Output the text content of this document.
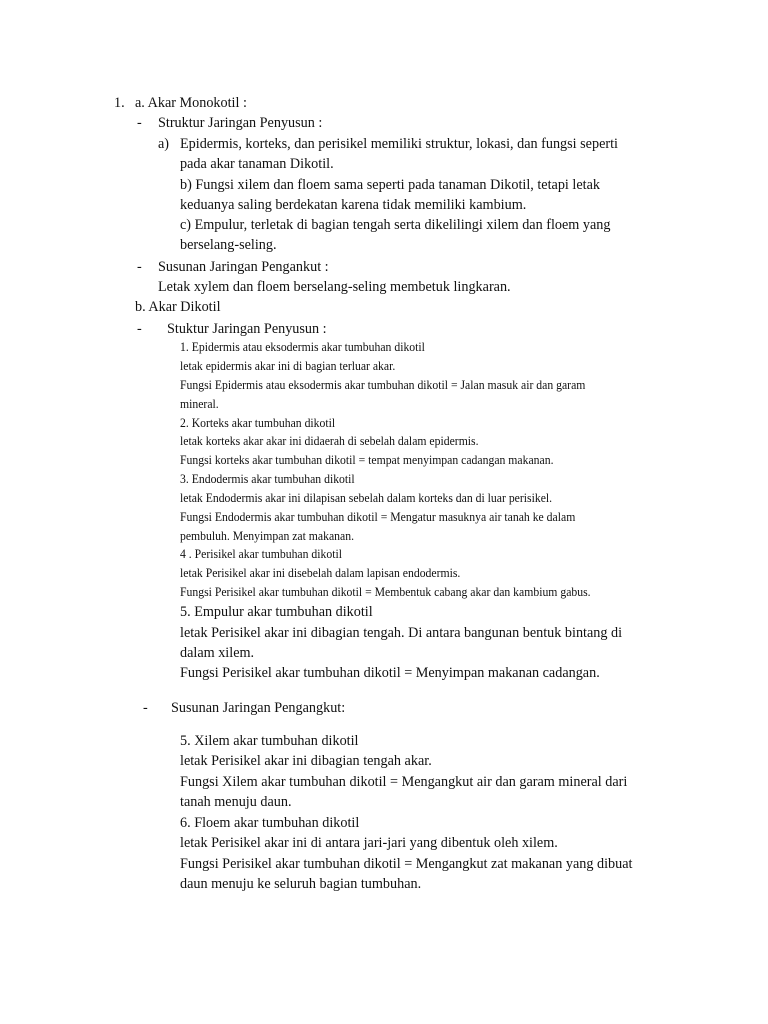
1. a. Akar Monokotil :
- Struktur Jaringan Penyusun :
a) Epidermis, korteks, dan perisikel memiliki struktur, lokasi, dan fungsi seperti
pada akar tanaman Dikotil.
b) Fungsi xilem dan floem sama seperti pada tanaman Dikotil, tetapi letak
keduanya saling berdekatan karena tidak memiliki kambium.
c) Empulur, terletak di bagian tengah serta dikelilingi xilem dan floem yang
berselang-seling.
- Susunan Jaringan Pengankut :
Letak xylem dan floem berselang-seling membetuk lingkaran.
b. Akar Dikotil
- Stuktur Jaringan Penyusun :
1. Epidermis atau eksodermis akar tumbuhan dikotil
letak epidermis akar ini di bagian terluar akar.
Fungsi Epidermis atau eksodermis akar tumbuhan dikotil = Jalan masuk air dan garam
mineral.
2. Korteks akar tumbuhan dikotil
letak korteks akar akar ini didaerah di sebelah dalam epidermis.
Fungsi korteks akar tumbuhan dikotil = tempat menyimpan cadangan makanan.
3. Endodermis akar tumbuhan dikotil
letak Endodermis akar ini dilapisan sebelah dalam korteks dan di luar perisikel.
Fungsi Endodermis akar tumbuhan dikotil = Mengatur masuknya air tanah ke dalam
pembuluh. Menyimpan zat makanan.
4 . Perisikel akar tumbuhan dikotil
letak Perisikel akar ini disebelah dalam lapisan endodermis.
Fungsi Perisikel akar tumbuhan dikotil = Membentuk cabang akar dan kambium gabus.
5. Empulur akar tumbuhan dikotil
letak Perisikel akar ini dibagian tengah. Di antara bangunan bentuk bintang di
dalam xilem.
Fungsi Perisikel akar tumbuhan dikotil = Menyimpan makanan cadangan.
- Susunan Jaringan Pengangkut:
5. Xilem akar tumbuhan dikotil
letak Perisikel akar ini dibagian tengah akar.
Fungsi Xilem akar tumbuhan dikotil = Mengangkut air dan garam mineral dari
tanah menuju daun.
6. Floem akar tumbuhan dikotil
letak Perisikel akar ini di antara jari-jari yang dibentuk oleh xilem.
Fungsi Perisikel akar tumbuhan dikotil = Mengangkut zat makanan yang dibuat
daun menuju ke seluruh bagian tumbuhan.
